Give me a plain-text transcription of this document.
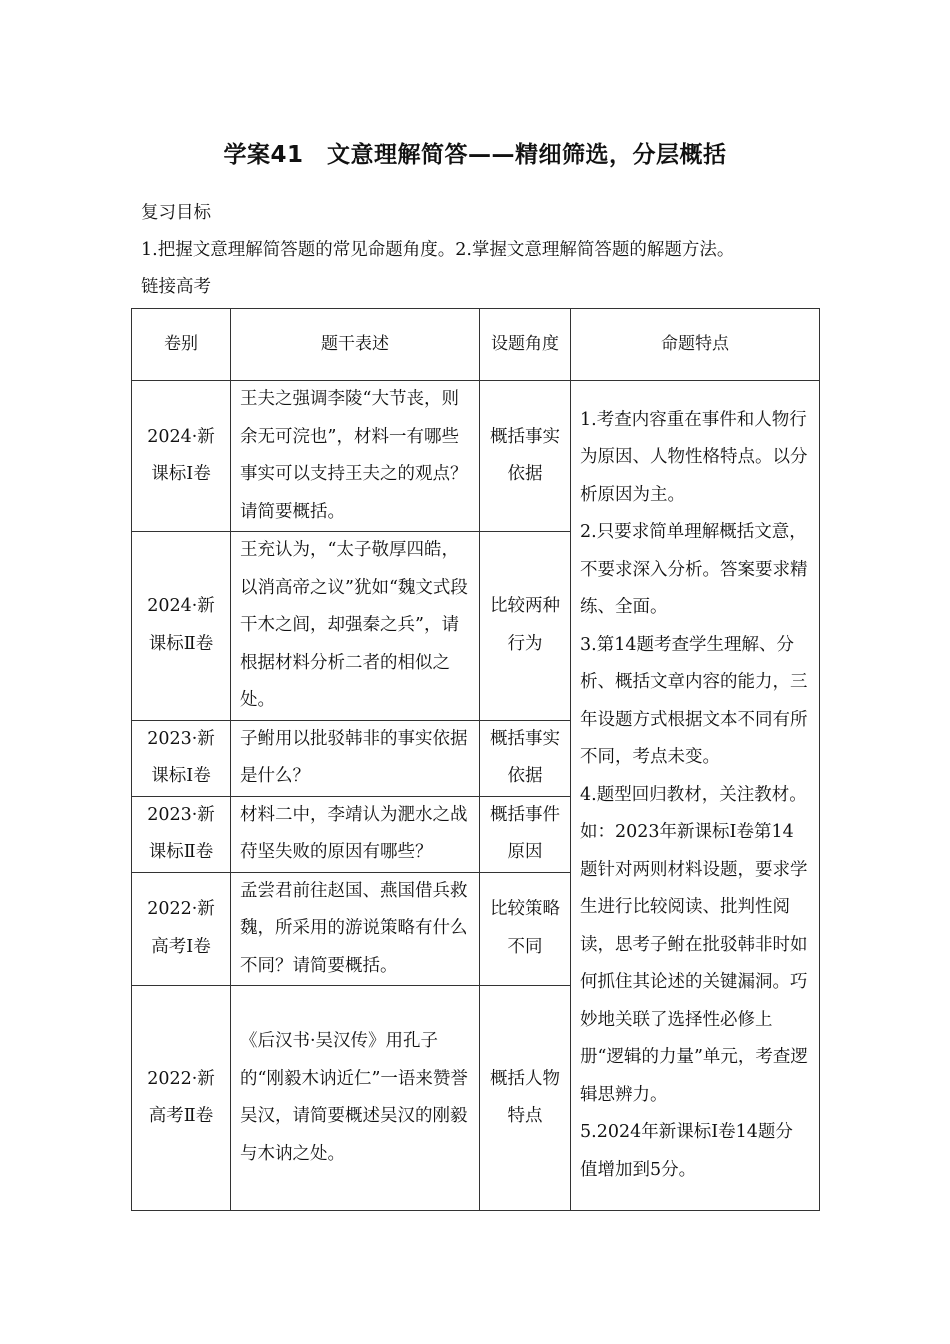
学案41　文意理解简答——精细筛选，分层概括
复习目标
1.把握文意理解简答题的常见命题角度。2.掌握文意理解简答题的解题方法。
链接高考
卷别	题干表述	设题角度	命题特点
2024·新课标Ⅰ卷	王夫之强调李陵“大节丧，则余无可浣也”，材料一有哪些事实可以支持王夫之的观点？请简要概括。	概括事实依据	1.考查内容重在事件和人物行为原因、人物性格特点。以分析原因为主。
2.只要求简单理解概括文意，不要求深入分析。答案要求精练、全面。
3.第14题考查学生理解、分析、概括文章内容的能力，三年设题方式根据文本不同有所不同，考点未变。
4.题型回归教材，关注教材。如：2023年新课标Ⅰ卷第14题针对两则材料设题，要求学生进行比较阅读、批判性阅读，思考子鲋在批驳韩非时如何抓住其论述的关键漏洞。巧妙地关联了选择性必修上册“逻辑的力量”单元，考查逻辑思辨力。
5.2024年新课标Ⅰ卷14题分值增加到5分。

2024·新课标Ⅱ卷	王充认为，“太子敬厚四皓，以消高帝之议”犹如“魏文式段干木之闾，却强秦之兵”，请根据材料分析二者的相似之处。	比较两种行为	
2023·新课标Ⅰ卷	子鲋用以批驳韩非的事实依据是什么？	概括事实依据	
2023·新课标Ⅱ卷	材料二中，李靖认为淝水之战苻坚失败的原因有哪些？	概括事件原因	
2022·新高考Ⅰ卷	孟尝君前往赵国、燕国借兵救魏，所采用的游说策略有什么不同？请简要概括。	比较策略不同	
2022·新高考Ⅱ卷	《后汉书·吴汉传》用孔子的“刚毅木讷近仁”一语来赞誉吴汉，请简要概述吴汉的刚毅与木讷之处。	概括人物特点	
